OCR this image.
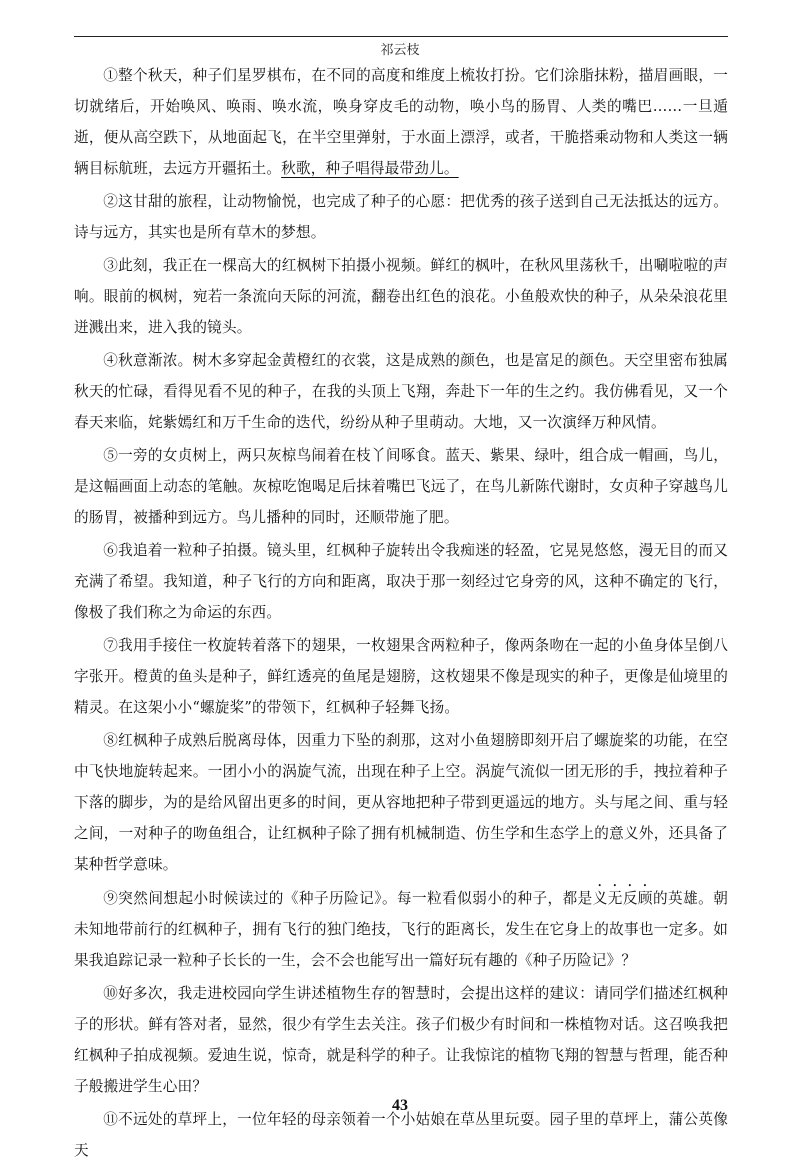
祁云枝

①整个秋天，种子们星罗棋布，在不同的高度和维度上梳妆打扮。它们涂脂抹粉，描眉画眼，一切就绪后，开始唤风、唤雨、唤水流，唤身穿皮毛的动物，唤小鸟的肠胃、人类的嘴巴……一旦遁逝，便从高空跌下，从地面起飞，在半空里弹射，于水面上漂浮，或者，干脆搭乘动物和人类这一辆辆目标航班，去远方开疆拓土。秋歌，种子唱得最带劲儿。

②这甘甜的旅程，让动物愉悦，也完成了种子的心愿：把优秀的孩子送到自己无法抵达的远方。诗与远方，其实也是所有草木的梦想。

③此刻，我正在一棵高大的红枫树下拍摄小视频。鲜红的枫叶，在秋风里荡秋千，出唰啦啦的声响。眼前的枫树，宛若一条流向天际的河流，翻卷出红色的浪花。小鱼般欢快的种子，从朵朵浪花里迸溅出来，进入我的镜头。

④秋意渐浓。树木多穿起金黄橙红的衣裳，这是成熟的颜色，也是富足的颜色。天空里密布独属秋天的忙碌，看得见看不见的种子，在我的头顶上飞翔，奔赴下一年的生之约。我仿佛看见，又一个春天来临，姹紫嫣红和万千生命的迭代，纷纷从种子里萌动。大地，又一次演绎万种风情。

⑤一旁的女贞树上，两只灰椋鸟闹着在枝丫间啄食。蓝天、紫果、绿叶，组合成一帽画，鸟儿，是这幅画面上动态的笔触。灰椋吃饱喝足后抹着嘴巴飞远了，在鸟儿新陈代谢时，女贞种子穿越鸟儿的肠胃，被播种到远方。鸟儿播种的同时，还顺带施了肥。

⑥我追着一粒种子拍摄。镜头里，红枫种子旋转出令我痴迷的轻盈，它晃晃悠悠，漫无目的而又充满了希望。我知道，种子飞行的方向和距离，取决于那一刻经过它身旁的风，这种不确定的飞行，像极了我们称之为命运的东西。

⑦我用手接住一枚旋转着落下的翅果，一枚翅果含两粒种子，像两条吻在一起的小鱼身体呈倒八字张开。橙黄的鱼头是种子，鲜红透亮的鱼尾是翅膀，这枚翅果不像是现实的种子，更像是仙境里的精灵。在这架小小“螺旋桨”的带领下，红枫种子轻舞飞扬。

⑧红枫种子成熟后脱离母体，因重力下坠的刹那，这对小鱼翅膀即刻开启了螺旋桨的功能，在空中飞快地旋转起来。一团小小的涡旋气流，出现在种子上空。涡旋气流似一团无形的手，拽拉着种子下落的脚步，为的是给风留出更多的时间，更从容地把种子带到更遥远的地方。头与尾之间、重与轻之间，一对种子的吻鱼组合，让红枫种子除了拥有机械制造、仿生学和生态学上的意义外，还具备了某种哲学意味。

⑨突然间想起小时候读过的《种子历险记》。每一粒看似弱小的种子，都是义无反顾的英雄。朝未知地带前行的红枫种子，拥有飞行的独门绝技，飞行的距离长，发生在它身上的故事也一定多。如果我追踪记录一粒种子长长的一生，会不会也能写出一篇好玩有趣的《种子历险记》？

⑩好多次，我走进校园向学生讲述植物生存的智慧时，会提出这样的建议：请同学们描述红枫种子的形状。鲜有答对者，显然，很少有学生去关注。孩子们极少有时间和一株植物对话。这召唤我把红枫种子拍成视频。爱迪生说，惊奇，就是科学的种子。让我惊诧的植物飞翔的智慧与哲理，能否种子般搬进学生心田？

⑪不远处的草坪上，一位年轻的母亲领着一个小姑娘在草丛里玩耍。园子里的草坪上，蒲公英像天

43
